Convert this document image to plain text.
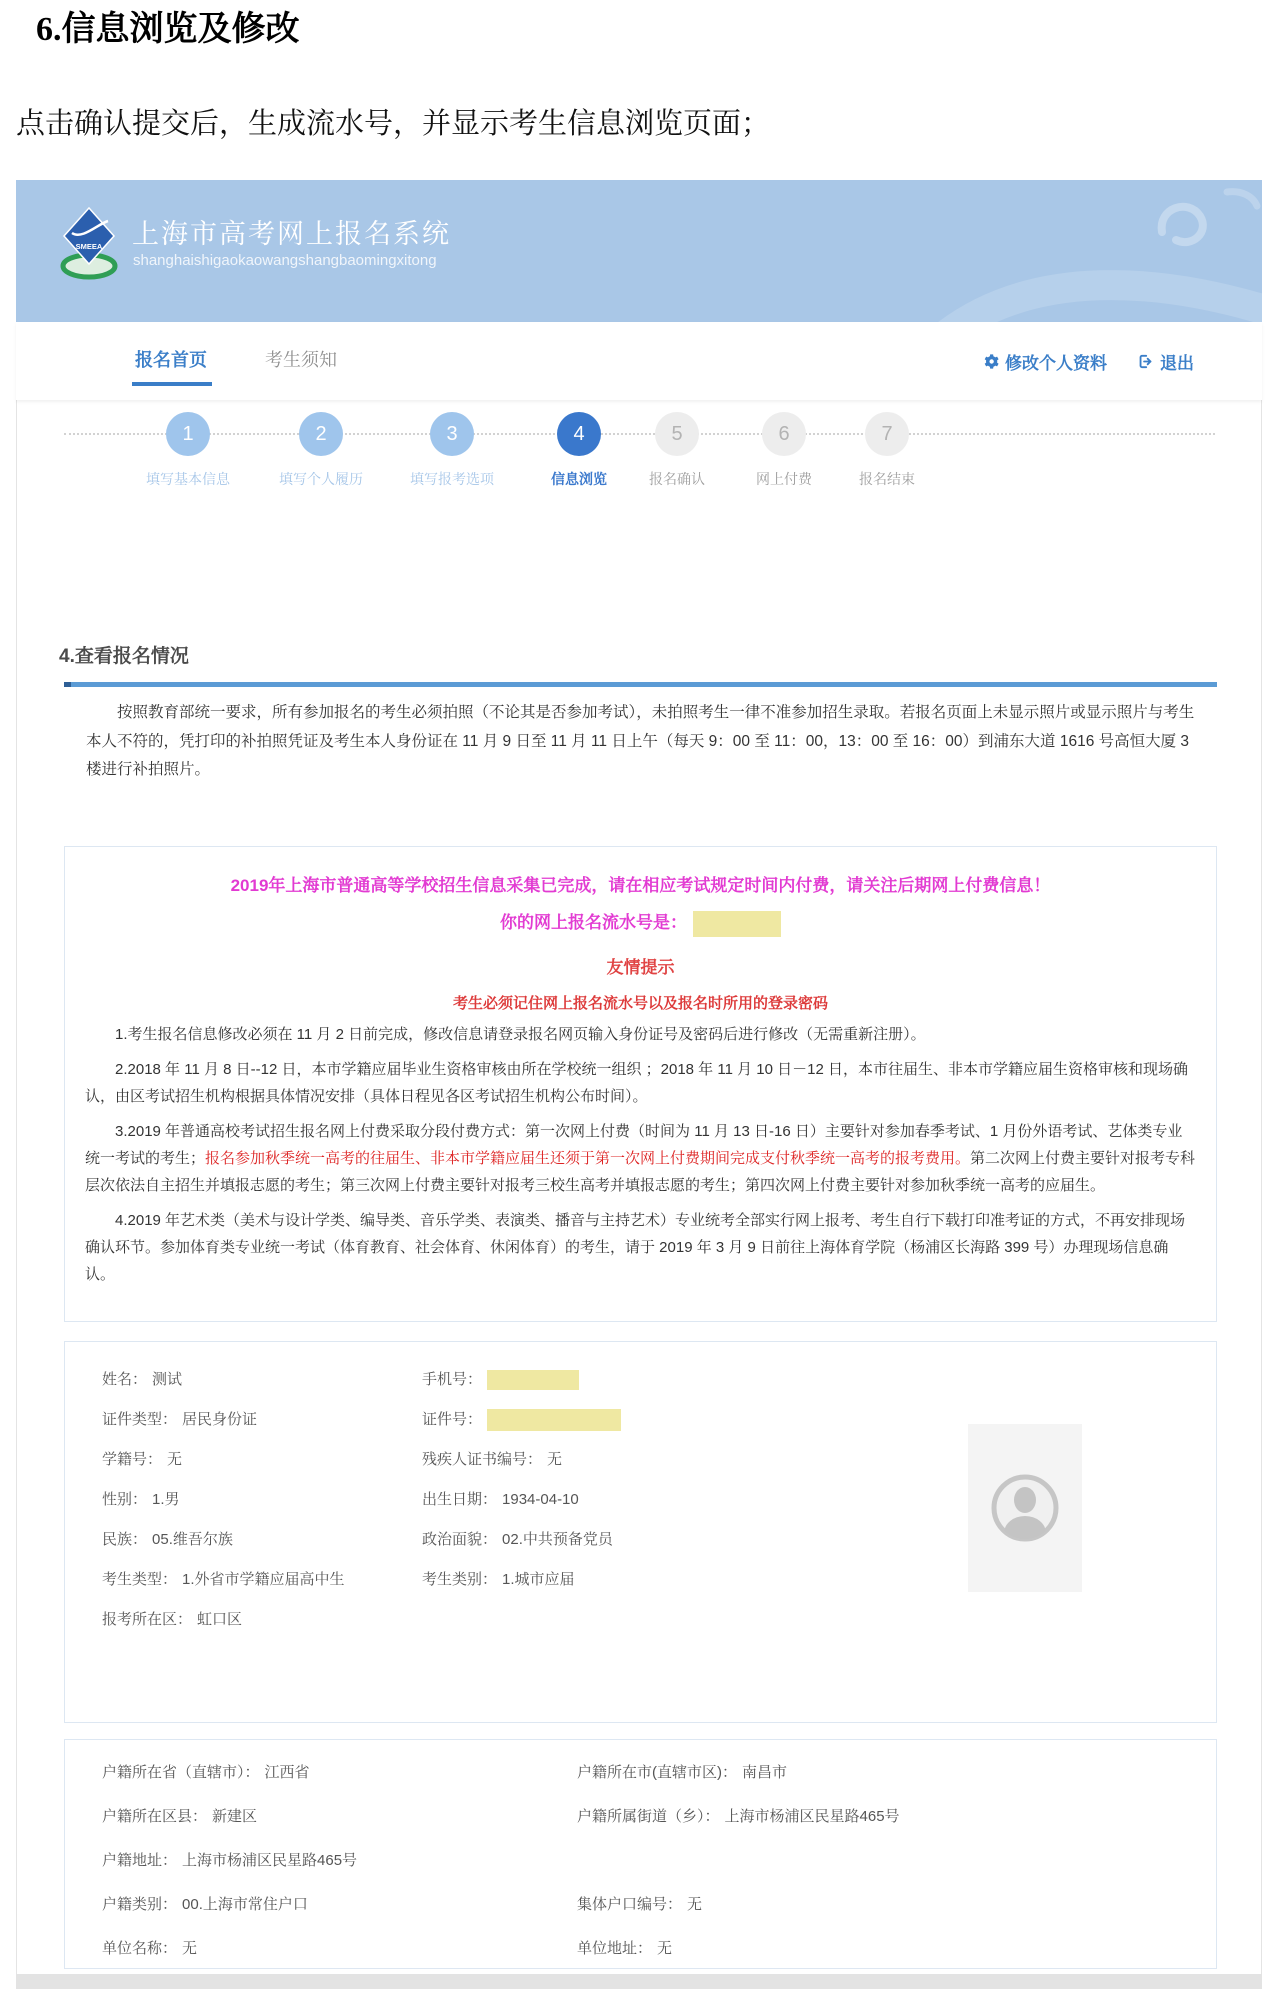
6.信息浏览及修改

点击确认提交后，生成流水号，并显示考生信息浏览页面；

SMEEA 上海市高考网上报名系统
shanghaishigaokaowangshangbaomingxitong
报名首页	考生须知	修改个人资料	退出
1
填写基本信息
2
填写个人履历
3
填写报考选项
4
信息浏览
5
报名确认
6
网上付费
7
报名结束
4.查看报名情况

按照教育部统一要求，所有参加报名的考生必须拍照（不论其是否参加考试），未拍照考生一律不准参加招生录取。若报名页面上未显示照片或显示照片与考生本人不符的，凭打印的补拍照凭证及考生本人身份证在 11 月 9 日至 11 月 11 日上午（每天 9：00 至 11：00，13：00 至 16：00）到浦东大道 1616 号高恒大厦 3 楼进行补拍照片。

2019年上海市普通高等学校招生信息采集已完成，请在相应考试规定时间内付费，请关注后期网上付费信息！
你的网上报名流水号是：
友情提示
考生必须记住网上报名流水号以及报名时所用的登录密码

1.考生报名信息修改必须在 11 月 2 日前完成，修改信息请登录报名网页输入身份证号及密码后进行修改（无需重新注册）。

2.2018 年 11 月 8 日--12 日，本市学籍应届毕业生资格审核由所在学校统一组织 ；2018 年 11 月 10 日－12 日，本市往届生、非本市学籍应届生资格审核和现场确认，由区考试招生机构根据具体情况安排（具体日程见各区考试招生机构公布时间）。

3.2019 年普通高校考试招生报名网上付费采取分段付费方式：第一次网上付费（时间为 11 月 13 日-16 日）主要针对参加春季考试、1 月份外语考试、艺体类专业统一考试的考生；报名参加秋季统一高考的往届生、非本市学籍应届生还须于第一次网上付费期间完成支付秋季统一高考的报考费用。第二次网上付费主要针对报考专科层次依法自主招生并填报志愿的考生；第三次网上付费主要针对报考三校生高考并填报志愿的考生；第四次网上付费主要针对参加秋季统一高考的应届生。

4.2019 年艺术类（美术与设计学类、编导类、音乐学类、表演类、播音与主持艺术）专业统考全部实行网上报考、考生自行下载打印准考证的方式，不再安排现场确认环节。参加体育类专业统一考试（体育教育、社会体育、休闲体育）的考生，请于 2019 年 3 月 9 日前往上海体育学院（杨浦区长海路 399 号）办理现场信息确认。

姓名： 测试	手机号：
证件类型： 居民身份证	证件号：
学籍号： 无	残疾人证书编号： 无
性别： 1.男	出生日期： 1934-04-10
民族： 05.维吾尔族	政治面貌： 02.中共预备党员
考生类型： 1.外省市学籍应届高中生	考生类别： 1.城市应届
报考所在区： 虹口区
户籍所在省（直辖市）： 江西省	户籍所在市(直辖市区)： 南昌市
户籍所在区县： 新建区	户籍所属街道（乡）： 上海市杨浦区民星路465号
户籍地址： 上海市杨浦区民星路465号
户籍类别： 00.上海市常住户口	集体户口编号： 无
单位名称： 无	单位地址： 无
